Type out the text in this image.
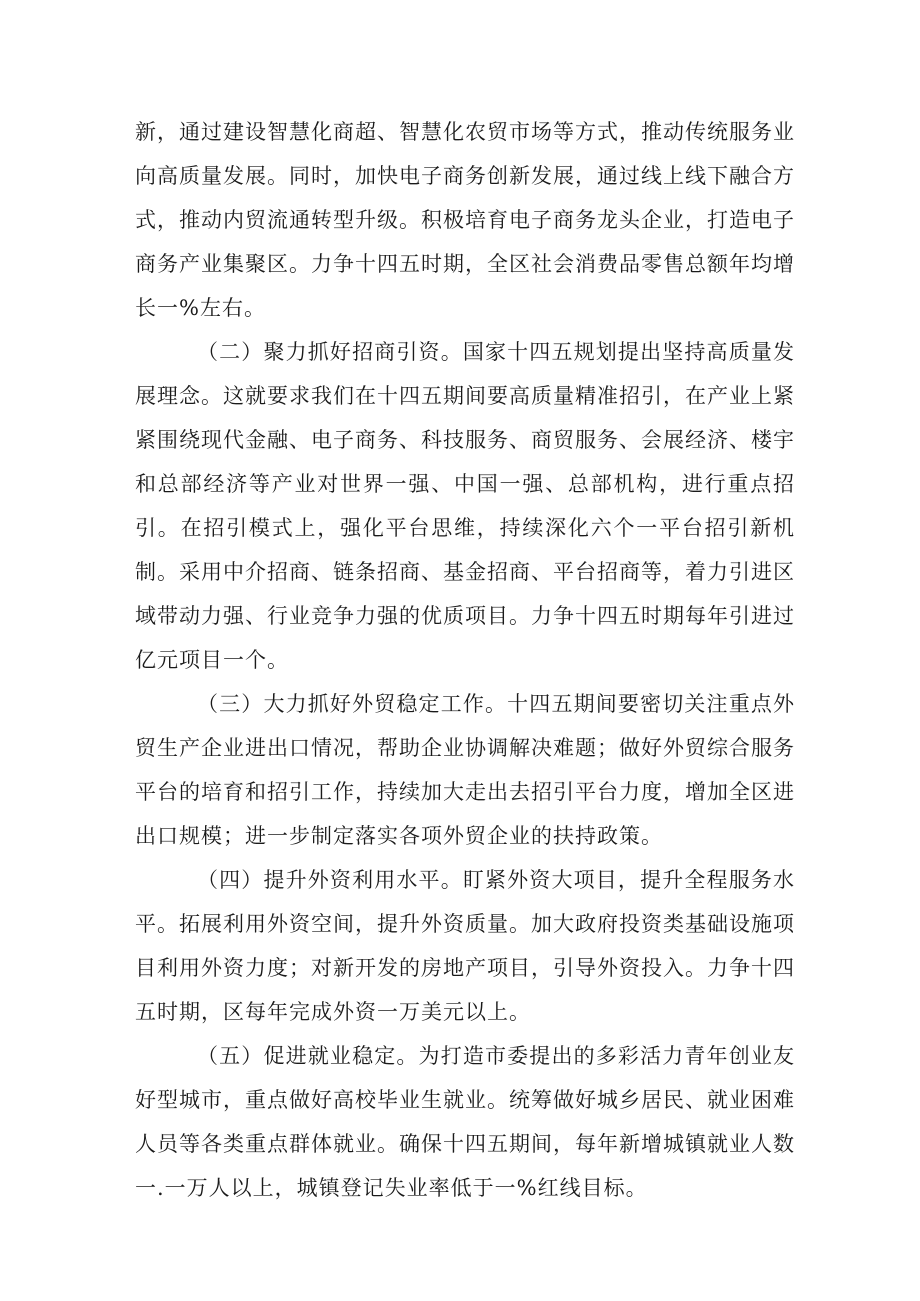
新，通过建设智慧化商超、智慧化农贸市场等方式，推动传统服务业向高质量发展。同时，加快电子商务创新发展，通过线上线下融合方式，推动内贸流通转型升级。积极培育电子商务龙头企业，打造电子商务产业集聚区。力争十四五时期，全区社会消费品零售总额年均增长一%左右。

（二）聚力抓好招商引资。国家十四五规划提出坚持高质量发展理念。这就要求我们在十四五期间要高质量精准招引，在产业上紧紧围绕现代金融、电子商务、科技服务、商贸服务、会展经济、楼宇和总部经济等产业对世界一强、中国一强、总部机构，进行重点招引。在招引模式上，强化平台思维，持续深化六个一平台招引新机制。采用中介招商、链条招商、基金招商、平台招商等，着力引进区域带动力强、行业竞争力强的优质项目。力争十四五时期每年引进过亿元项目一个。

（三）大力抓好外贸稳定工作。十四五期间要密切关注重点外贸生产企业进出口情况，帮助企业协调解决难题；做好外贸综合服务平台的培育和招引工作，持续加大走出去招引平台力度，增加全区进出口规模；进一步制定落实各项外贸企业的扶持政策。

（四）提升外资利用水平。盯紧外资大项目，提升全程服务水平。拓展利用外资空间，提升外资质量。加大政府投资类基础设施项目利用外资力度；对新开发的房地产项目，引导外资投入。力争十四五时期，区每年完成外资一万美元以上。

（五）促进就业稳定。为打造市委提出的多彩活力青年创业友好型城市，重点做好高校毕业生就业。统筹做好城乡居民、就业困难人员等各类重点群体就业。确保十四五期间，每年新增城镇就业人数一.一万人以上，城镇登记失业率低于一%红线目标。
